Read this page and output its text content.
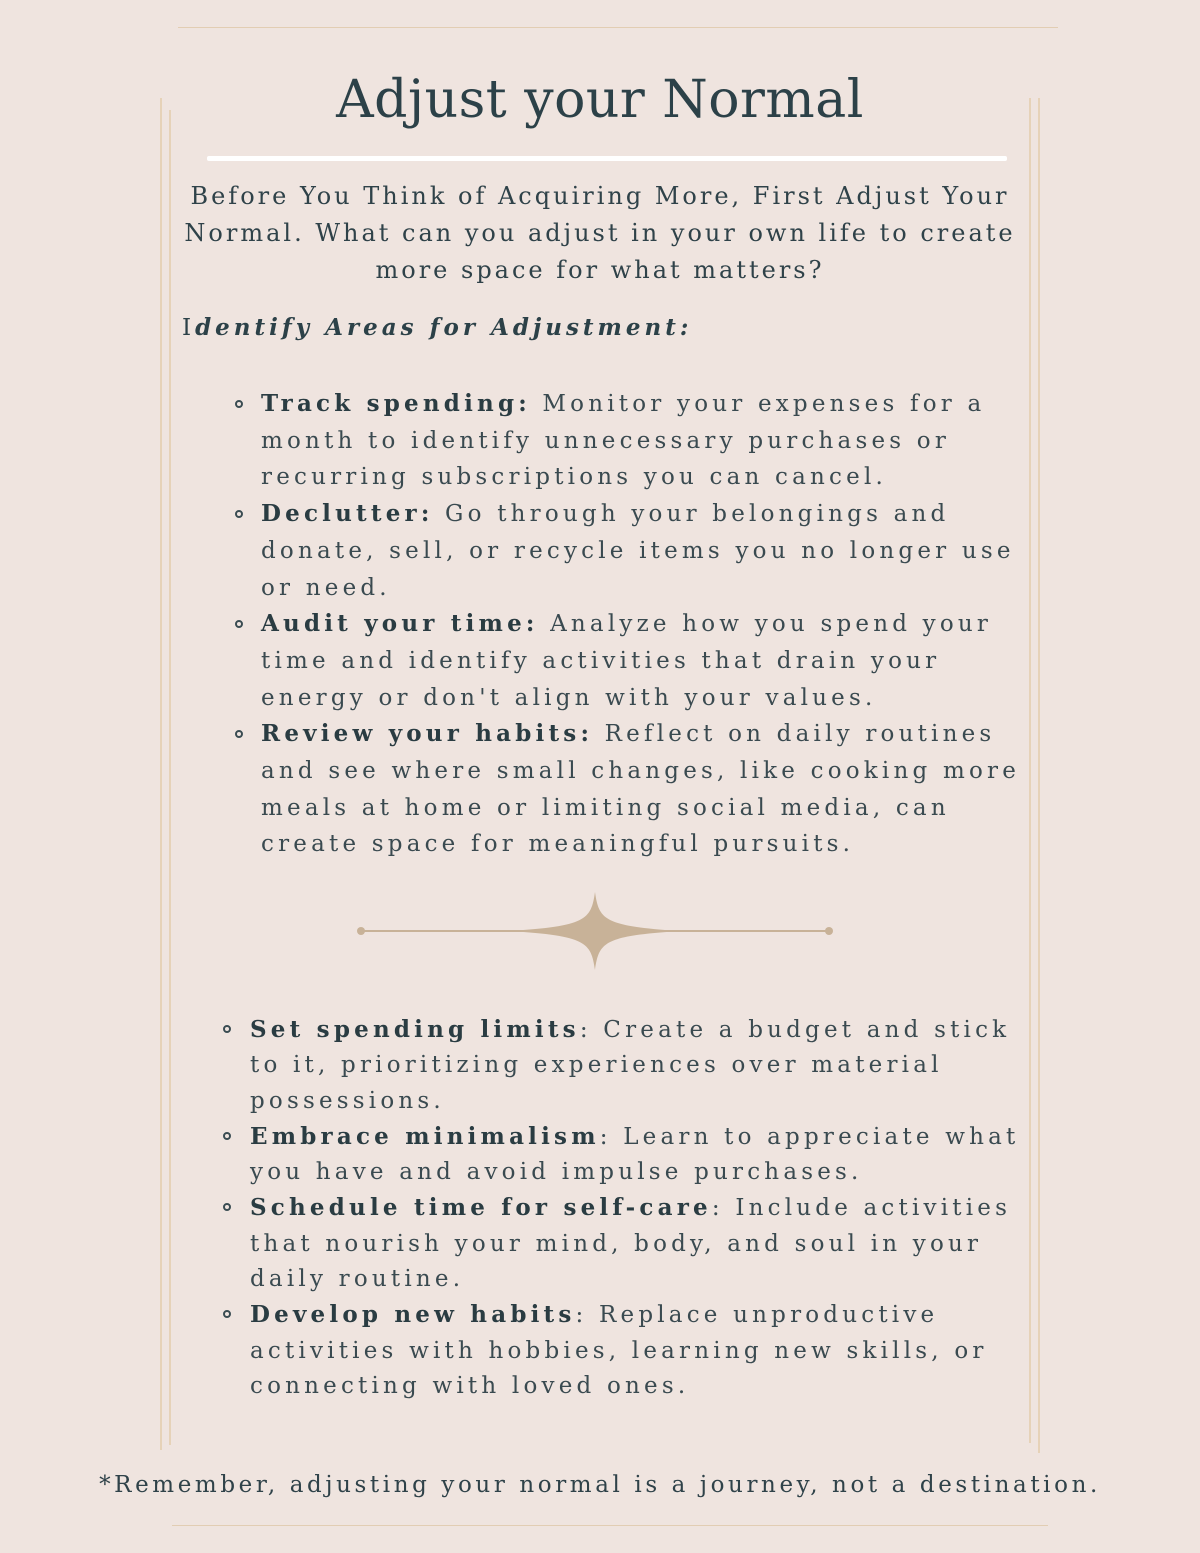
Adjust your Normal

Before You Think of Acquiring More, First Adjust Your Normal. What can you adjust in your own life to create more space for what matters?

Identify Areas for Adjustment:

Track spending: Monitor your expenses for a month to identify unnecessary purchases or recurring subscriptions you can cancel.
Declutter: Go through your belongings and donate, sell, or recycle items you no longer use or need.
Audit your time: Analyze how you spend your time and identify activities that drain your energy or don't align with your values.
Review your habits: Reflect on daily routines and see where small changes, like cooking more meals at home or limiting social media, can create space for meaningful pursuits.
Set spending limits: Create a budget and stick to it, prioritizing experiences over material possessions.
Embrace minimalism: Learn to appreciate what you have and avoid impulse purchases.
Schedule time for self-care: Include activities that nourish your mind, body, and soul in your daily routine.
Develop new habits: Replace unproductive activities with hobbies, learning new skills, or connecting with loved ones.

*Remember, adjusting your normal is a journey, not a destination.
